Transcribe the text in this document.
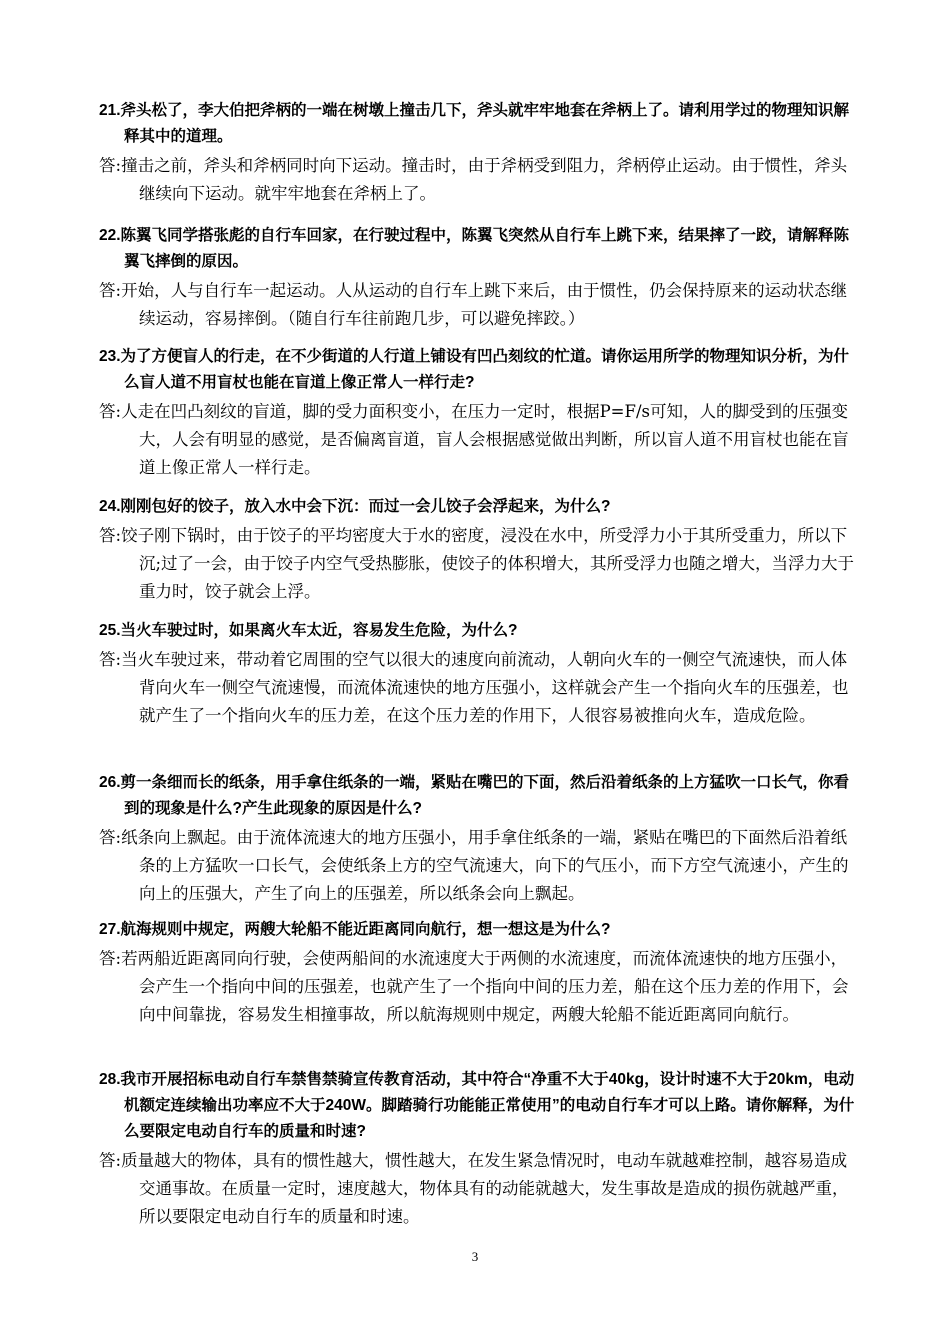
21.斧头松了，李大伯把斧柄的一端在树墩上撞击几下，斧头就牢牢地套在斧柄上了。请利用学过的物理知识解释其中的道理。

答:撞击之前，斧头和斧柄同时向下运动。撞击时，由于斧柄受到阻力，斧柄停止运动。由于惯性，斧头继续向下运动。就牢牢地套在斧柄上了。

22.陈翼飞同学搭张彪的自行车回家，在行驶过程中，陈翼飞突然从自行车上跳下来，结果摔了一跤，请解释陈翼飞摔倒的原因。

答:开始，人与自行车一起运动。人从运动的自行车上跳下来后，由于惯性，仍会保持原来的运动状态继续运动，容易摔倒。（随自行车往前跑几步，可以避免摔跤。）

23.为了方便盲人的行走，在不少街道的人行道上铺设有凹凸刻纹的忙道。请你运用所学的物理知识分析，为什么盲人道不用盲杖也能在盲道上像正常人一样行走?

答:人走在凹凸刻纹的盲道，脚的受力面积变小，在压力一定时，根据P=F/s可知，人的脚受到的压强变大，人会有明显的感觉，是否偏离盲道，盲人会根据感觉做出判断，所以盲人道不用盲杖也能在盲道上像正常人一样行走。

24.刚刚包好的饺子，放入水中会下沉：而过一会儿饺子会浮起来，为什么?

答:饺子刚下锅时，由于饺子的平均密度大于水的密度，浸没在水中，所受浮力小于其所受重力，所以下沉;过了一会，由于饺子内空气受热膨胀，使饺子的体积增大，其所受浮力也随之增大，当浮力大于重力时，饺子就会上浮。

25.当火车驶过时，如果离火车太近，容易发生危险，为什么?

答:当火车驶过来，带动着它周围的空气以很大的速度向前流动，人朝向火车的一侧空气流速快，而人体背向火车一侧空气流速慢，而流体流速快的地方压强小，这样就会产生一个指向火车的压强差，也就产生了一个指向火车的压力差，在这个压力差的作用下，人很容易被推向火车，造成危险。

26.剪一条细而长的纸条，用手拿住纸条的一端，紧贴在嘴巴的下面，然后沿着纸条的上方猛吹一口长气，你看到的现象是什么?产生此现象的原因是什么?

答:纸条向上飘起。由于流体流速大的地方压强小，用手拿住纸条的一端，紧贴在嘴巴的下面然后沿着纸条的上方猛吹一口长气，会使纸条上方的空气流速大，向下的气压小，而下方空气流速小，产生的向上的压强大，产生了向上的压强差，所以纸条会向上飘起。

27.航海规则中规定，两艘大轮船不能近距离同向航行，想一想这是为什么?

答:若两船近距离同向行驶，会使两船间的水流速度大于两侧的水流速度，而流体流速快的地方压强小，会产生一个指向中间的压强差，也就产生了一个指向中间的压力差，船在这个压力差的作用下，会向中间靠拢，容易发生相撞事故，所以航海规则中规定，两艘大轮船不能近距离同向航行。

28.我市开展招标电动自行车禁售禁骑宣传教育活动，其中符合“净重不大于40kg，设计时速不大于20km，电动机额定连续输出功率应不大于240W。脚踏骑行功能能正常使用”的电动自行车才可以上路。请你解释，为什么要限定电动自行车的质量和时速?

答:质量越大的物体，具有的惯性越大，惯性越大，在发生紧急情况时，电动车就越难控制，越容易造成交通事故。在质量一定时，速度越大，物体具有的动能就越大，发生事故是造成的损伤就越严重，所以要限定电动自行车的质量和时速。

3
